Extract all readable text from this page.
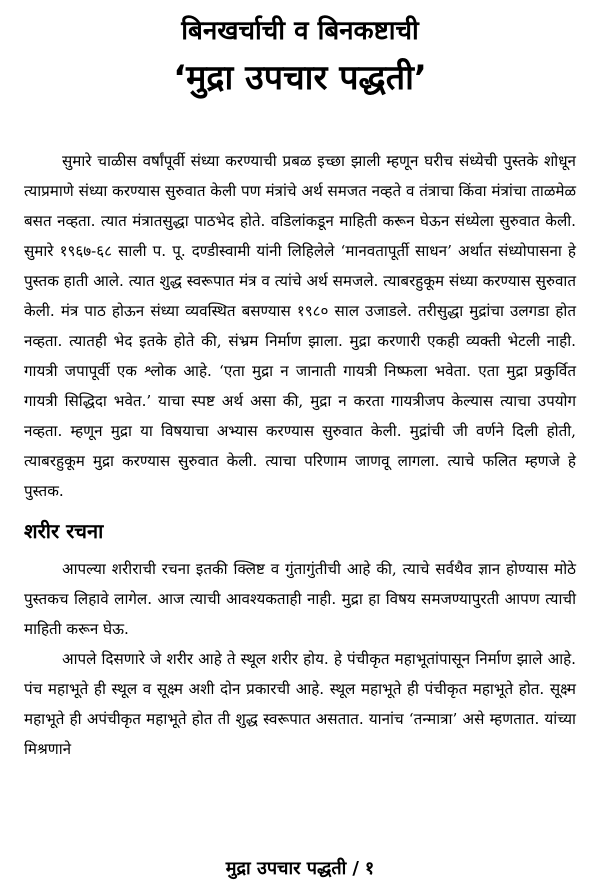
बिनखर्चाची व बिनकष्टाची
‘मुद्रा उपचार पद्धती’

सुमारे चाळीस वर्षांपूर्वी संध्या करण्याची प्रबळ इच्छा झाली म्हणून घरीच संध्येची पुस्तके शोधून त्याप्रमाणे संध्या करण्यास सुरुवात केली पण मंत्रांचे अर्थ समजत नव्हते व तंत्राचा किंवा मंत्रांचा ताळमेळ बसत नव्हता. त्यात मंत्रातसुद्धा पाठभेद होते. वडिलांकडून माहिती करून घेऊन संध्येला सुरुवात केली. सुमारे १९६७-६८ साली प. पू. दण्डीस्वामी यांनी लिहिलेले ‘मानवतापूर्ती साधन’ अर्थात संध्योपासना हे पुस्तक हाती आले. त्यात शुद्ध स्वरूपात मंत्र व त्यांचे अर्थ समजले. त्याबरहुकूम संध्या करण्यास सुरुवात केली. मंत्र पाठ होऊन संध्या व्यवस्थित बसण्यास १९८० साल उजाडले. तरीसुद्धा मुद्रांचा उलगडा होत नव्हता. त्यातही भेद इतके होते की, संभ्रम निर्माण झाला. मुद्रा करणारी एकही व्यक्ती भेटली नाही. गायत्री जपापूर्वी एक श्लोक आहे. ‘एता मुद्रा न जानाती गायत्री निष्फला भवेता. एता मुद्रा प्रकुर्वित गायत्री सिद्धिदा भवेत.’ याचा स्पष्ट अर्थ असा की, मुद्रा न करता गायत्रीजप केल्यास त्याचा उपयोग नव्हता. म्हणून मुद्रा या विषयाचा अभ्यास करण्यास सुरुवात केली. मुद्रांची जी वर्णने दिली होती, त्याबरहुकूम मुद्रा करण्यास सुरुवात केली. त्याचा परिणाम जाणवू लागला. त्याचे फलित म्हणजे हे पुस्तक.

शरीर रचना

आपल्या शरीराची रचना इतकी क्लिष्ट व गुंतागुंतीची आहे की, त्याचे सर्वथैव ज्ञान होण्यास मोठे पुस्तकच लिहावे लागेल. आज त्याची आवश्यकताही नाही. मुद्रा हा विषय समजण्यापुरती आपण त्याची माहिती करून घेऊ.

आपले दिसणारे जे शरीर आहे ते स्थूल शरीर होय. हे पंचीकृत महाभूतांपासून निर्माण झाले आहे. पंच महाभूते ही स्थूल व सूक्ष्म अशी दोन प्रकारची आहे. स्थूल महाभूते ही पंचीकृत महाभूते होत. सूक्ष्म महाभूते ही अपंचीकृत महाभूते होत ती शुद्ध स्वरूपात असतात. यानांच ‘तन्मात्रा’ असे म्हणतात. यांच्या मिश्रणाने

मुद्रा उपचार पद्धती / १
